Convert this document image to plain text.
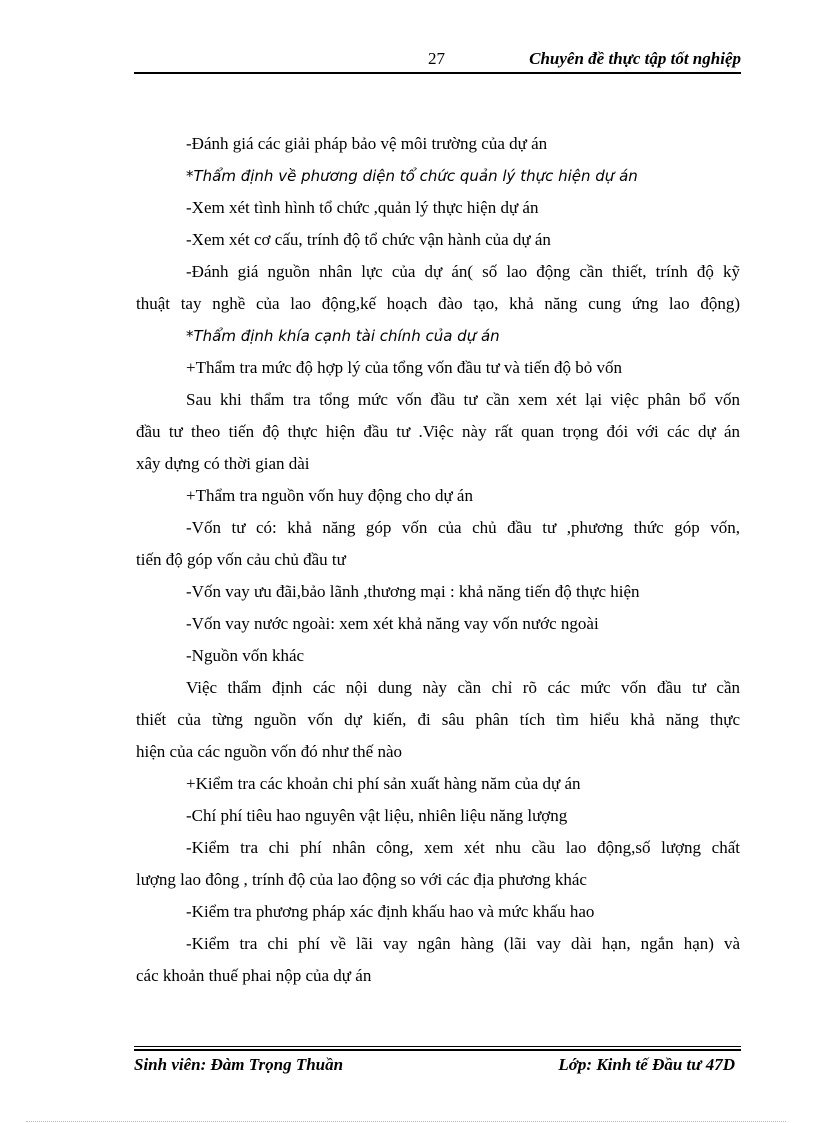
27	Chuyên đề thực tập tốt nghiệp
-Đánh giá các giải pháp bảo vệ môi trường của dự án
*Thẩm định về phương diện tổ chức quản lý thực hiện dự án
-Xem xét tình hình tổ chức ,quản lý thực hiện dự án
-Xem xét cơ cấu, trính độ tổ chức vận hành của dự án
-Đánh giá nguồn nhân lực của dự án( số lao động cần thiết, trính độ kỹ
thuật tay nghề của lao động,kế hoạch đào tạo, khả năng cung ứng lao động)
*Thẩm định khía cạnh tài chính của dự án
+Thẩm tra mức độ hợp lý của tổng vốn đầu tư và tiến độ bỏ vốn
Sau khi thẩm tra tổng mức vốn đầu tư cần xem xét lại việc phân bổ vốn
đầu tư theo tiến độ thực hiện đầu tư .Việc này rất quan trọng đói với các dự án
xây dựng có thời gian dài
+Thẩm tra nguồn vốn huy động cho dự án
-Vốn tư có: khả năng góp vốn của chủ đầu tư ,phương thức góp vốn,
tiến độ góp vốn cảu chủ đầu tư
-Vốn vay ưu đãi,bảo lãnh ,thương mại : khả năng tiến độ thực hiện
-Vốn vay nước ngoài: xem xét khả năng vay vốn nước ngoài
-Nguồn vốn khác
Việc thẩm định các nội dung này cần chỉ rõ các mức vốn đầu tư cần
thiết của từng nguồn vốn dự kiến, đi sâu phân tích tìm hiểu khả năng thực
hiện của các nguồn vốn đó như thế nào
+Kiểm tra các khoản chi phí sản xuất hàng năm của dự án
-Chí phí tiêu hao nguyên vật liệu, nhiên liệu năng lượng
-Kiểm tra chi phí nhân công, xem xét nhu cầu lao động,số lượng chất
lượng lao đông , trính độ của lao động so với các địa phương khác
-Kiểm tra phương pháp xác định khấu hao và mức khấu hao
-Kiểm tra chi phí về lãi vay ngân hàng (lãi vay dài hạn, ngắn hạn) và
các khoản thuế phai nộp của dự án
Sinh viên: Đàm Trọng Thuần	Lớp: Kinh tế Đầu tư 47D
